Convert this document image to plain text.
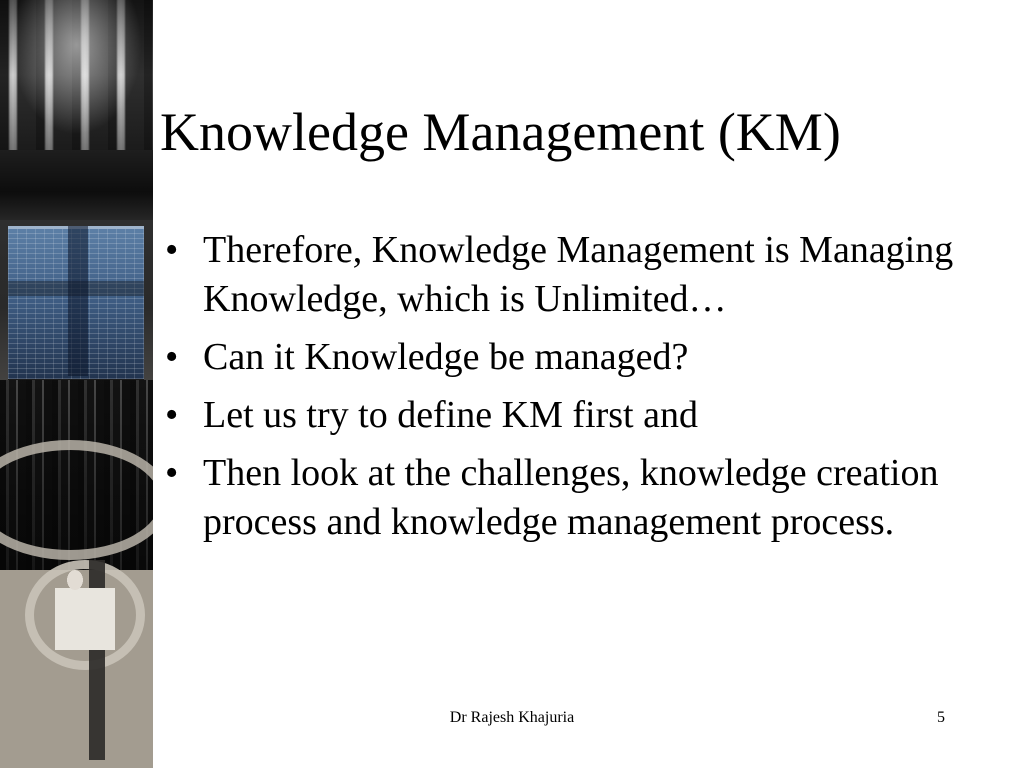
Knowledge Management (KM)
• Therefore, Knowledge Management is Managing Knowledge, which is Unlimited…
• Can it Knowledge be managed?
• Let us try to define KM first and
• Then look at the challenges, knowledge creation process and knowledge management process.
Dr Rajesh Khajuria	5
